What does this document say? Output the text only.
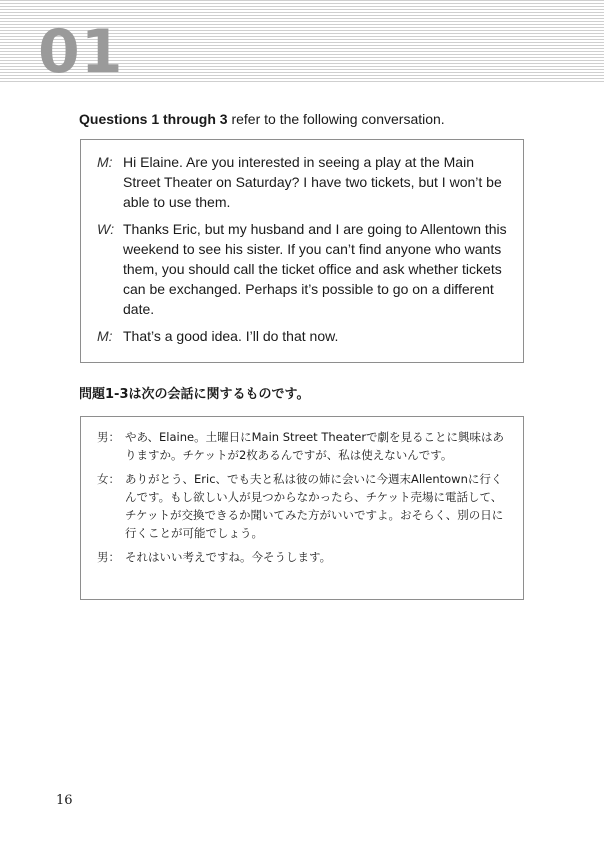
01
Questions 1 through 3 refer to the following conversation.
M: Hi Elaine. Are you interested in seeing a play at the Main Street Theater on Saturday? I have two tickets, but I won’t be able to use them.
W: Thanks Eric, but my husband and I are going to Allentown this weekend to see his sister. If you can’t find anyone who wants them, you should call the ticket office and ask whether tickets can be exchanged. Perhaps it’s possible to go on a different date.
M: That’s a good idea. I’ll do that now.
問題1-3は次の会話に関するものです。
男： やあ、Elaine。土曜日にMain Street Theaterで劇を見ることに興味はありますか。チケットが2枚あるんですが、私は使えないんです。
女： ありがとう、Eric、でも夫と私は彼の姉に会いに今週末Allentownに行くんです。もし欲しい人が見つからなかったら、チケット売場に電話して、チケットが交換できるか聞いてみた方がいいですよ。おそらく、別の日に行くことが可能でしょう。
男： それはいい考えですね。今そうします。
16
